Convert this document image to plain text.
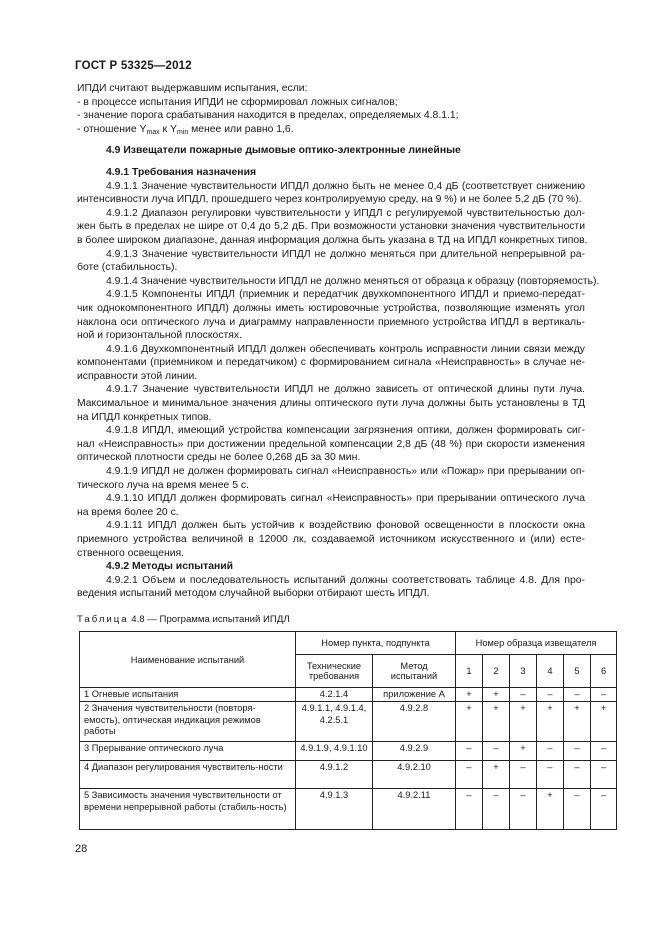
ГОСТ Р 53325—2012
ИПДИ считают выдержавшим испытания, если:
- в процессе испытания ИПДИ не сформировал ложных сигналов;
- значение порога срабатывания находится в пределах, определяемых 4.8.1.1;
- отношение $Y_{max}$ к $Y_{min}$ менее или равно 1,6.
4.9 Извещатели пожарные дымовые оптико-электронные линейные
4.9.1 Требования назначения
4.9.1.1 Значение чувствительности ИПДЛ должно быть не менее 0,4 дБ (соответствует снижению
интенсивности луча ИПДЛ, прошедшего через контролируемую среду, на 9 %) и не более 5,2 дБ (70 %).
4.9.1.2 Диапазон регулировки чувствительности у ИПДЛ с регулируемой чувствительностью дол-
жен быть в пределах не шире от 0,4 до 5,2 дБ. При возможности установки значения чувствительности
в более широком диапазоне, данная информация должна быть указана в ТД на ИПДЛ конкретных типов.
4.9.1.3 Значение чувствительности ИПДЛ не должно меняться при длительной непрерывной ра-
боте (стабильность).
4.9.1.4 Значение чувствительности ИПДЛ не должно меняться от образца к образцу (повторяемость).
4.9.1.5 Компоненты ИПДЛ (приемник и передатчик двухкомпонентного ИПДЛ и приемо-передат-
чик однокомпонентного ИПДЛ) должны иметь юстировочные устройства, позволяющие изменять угол
наклона оси оптического луча и диаграмму направленности приемного устройства ИПДЛ в вертикаль-
ной и горизонтальной плоскостях.
4.9.1.6 Двухкомпонентный ИПДЛ должен обеспечивать контроль исправности линии связи между
компонентами (приемником и передатчиком) с формированием сигнала «Неисправность» в случае не-
исправности этой линии.
4.9.1.7 Значение чувствительности ИПДЛ не должно зависеть от оптической длины пути луча.
Максимальное и минимальное значения длины оптического пути луча должны быть установлены в ТД
на ИПДЛ конкретных типов.
4.9.1.8 ИПДЛ, имеющий устройства компенсации загрязнения оптики, должен формировать сиг-
нал «Неисправность» при достижении предельной компенсации 2,8 дБ (48 %) при скорости изменения
оптической плотности среды не более 0,268 дБ за 30 мин.
4.9.1.9 ИПДЛ не должен формировать сигнал «Неисправность» или «Пожар» при прерывании оп-
тического луча на время менее 5 с.
4.9.1.10 ИПДЛ должен формировать сигнал «Неисправность» при прерывании оптического луча
на время более 20 с.
4.9.1.11 ИПДЛ должен быть устойчив к воздействию фоновой освещенности в плоскости окна
приемного устройства величиной в 12000 лк, создаваемой источником искусственного и (или) есте-
ственного освещения.
4.9.2 Методы испытаний
4.9.2.1 Объем и последовательность испытаний должны соответствовать таблице 4.8. Для про-
ведения испытаний методом случайной выборки отбирают шесть ИПДЛ.
Таблица 4.8 — Программа испытаний ИПДЛ
Наименование испытаний	Номер пункта, подпункта		Номер образца извещателя					
	Технические требования	Метод испытаний	1	2	3	4	5	6
1 Огневые испытания	4.2.1.4	приложение А	+	+	–	–	–	–
2 Значения чувствительности (повторя-емость), оптическая индикация режимов работы	4.9.1.1, 4.9.1.4, 4.2.5.1	4.9.2.8	+	+	+	+	+	+
3 Прерывание оптического луча	4.9.1.9, 4.9.1.10	4.9.2.9	–	–	+	–	–	–
4 Диапазон регулирования чувствитель-ности	4.9.1.2	4.9.2.10	–	+	–	–	–	–
5 Зависимость значения чувствительности от времени непрерывной работы (стабиль-ность)	4.9.1.3	4.9.2.11	–	–	–	+	–	–
28
